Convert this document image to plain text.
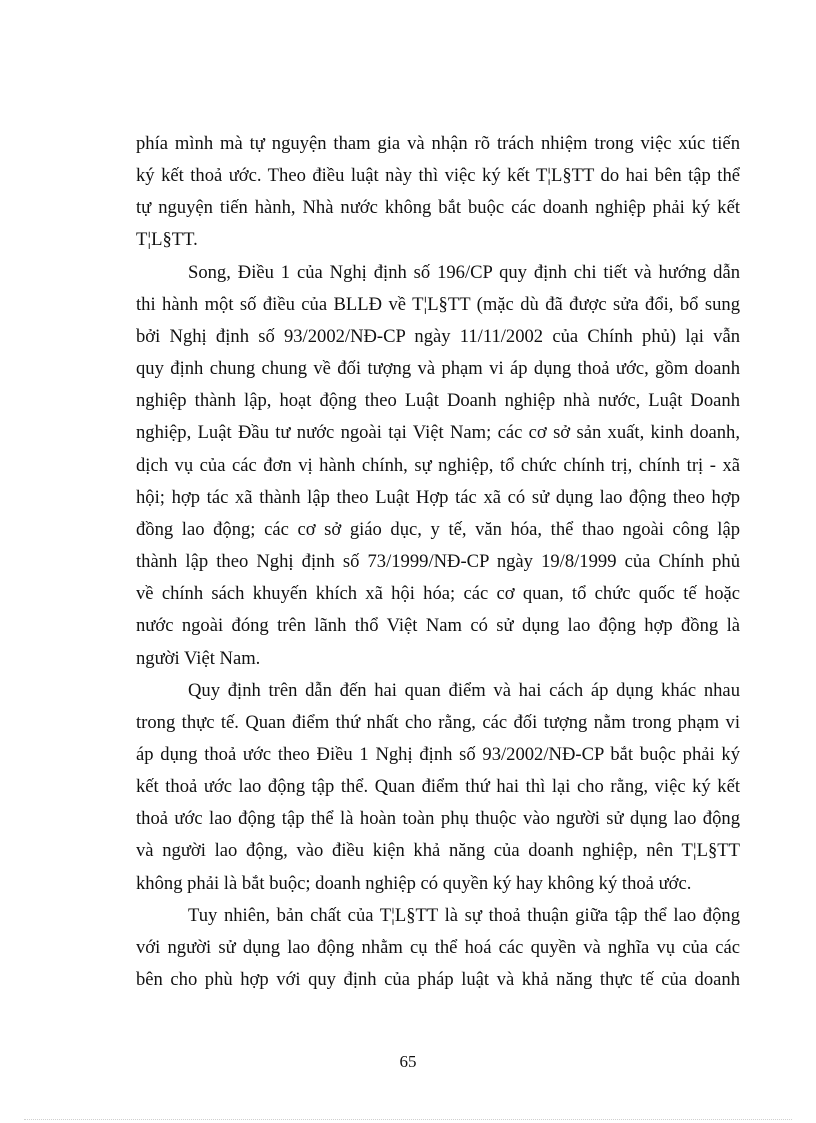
phía mình mà tự nguyện tham gia và nhận rõ trách nhiệm trong việc xúc tiến
ký kết thoả ước. Theo điều luật này thì việc ký kết T¦L§TT do hai bên tập thể
tự nguyện tiến hành, Nhà nước không bắt buộc các doanh nghiệp phải ký kết
T¦L§TT.

Song, Điều 1 của Nghị định số 196/CP quy định chi tiết và hướng dẫn
thi hành một số điều của BLLĐ về T¦L§TT (mặc dù đã được sửa đổi, bổ sung
bởi Nghị định số 93/2002/NĐ-CP ngày 11/11/2002 của Chính phủ) lại vẫn
quy định chung chung về đối tượng và phạm vi áp dụng thoả ước, gồm doanh
nghiệp thành lập, hoạt động theo Luật Doanh nghiệp nhà nước, Luật Doanh
nghiệp, Luật Đầu tư nước ngoài tại Việt Nam; các cơ sở sản xuất, kinh doanh,
dịch vụ của các đơn vị hành chính, sự nghiệp, tổ chức chính trị, chính trị - xã
hội; hợp tác xã thành lập theo Luật Hợp tác xã có sử dụng lao động theo hợp
đồng lao động; các cơ sở giáo dục, y tế, văn hóa, thể thao ngoài công lập
thành lập theo Nghị định số 73/1999/NĐ-CP ngày 19/8/1999 của Chính phủ
về chính sách khuyến khích xã hội hóa; các cơ quan, tổ chức quốc tế hoặc
nước ngoài đóng trên lãnh thổ Việt Nam có sử dụng lao động hợp đồng là
người Việt Nam.

Quy định trên dẫn đến hai quan điểm và hai cách áp dụng khác nhau
trong thực tế. Quan điểm thứ nhất cho rằng, các đối tượng nằm trong phạm vi
áp dụng thoả ước theo Điều 1 Nghị định số 93/2002/NĐ-CP bắt buộc phải ký
kết thoả ước lao động tập thể. Quan điểm thứ hai thì lại cho rằng, việc ký kết
thoả ước lao động tập thể là hoàn toàn phụ thuộc vào người sử dụng lao động
và người lao động, vào điều kiện khả năng của doanh nghiệp, nên T¦L§TT
không phải là bắt buộc; doanh nghiệp có quyền ký hay không ký thoả ước.

Tuy nhiên, bản chất của T¦L§TT là sự thoả thuận giữa tập thể lao động
với người sử dụng lao động nhằm cụ thể hoá các quyền và nghĩa vụ của các
bên cho phù hợp với quy định của pháp luật và khả năng thực tế của doanh

65
